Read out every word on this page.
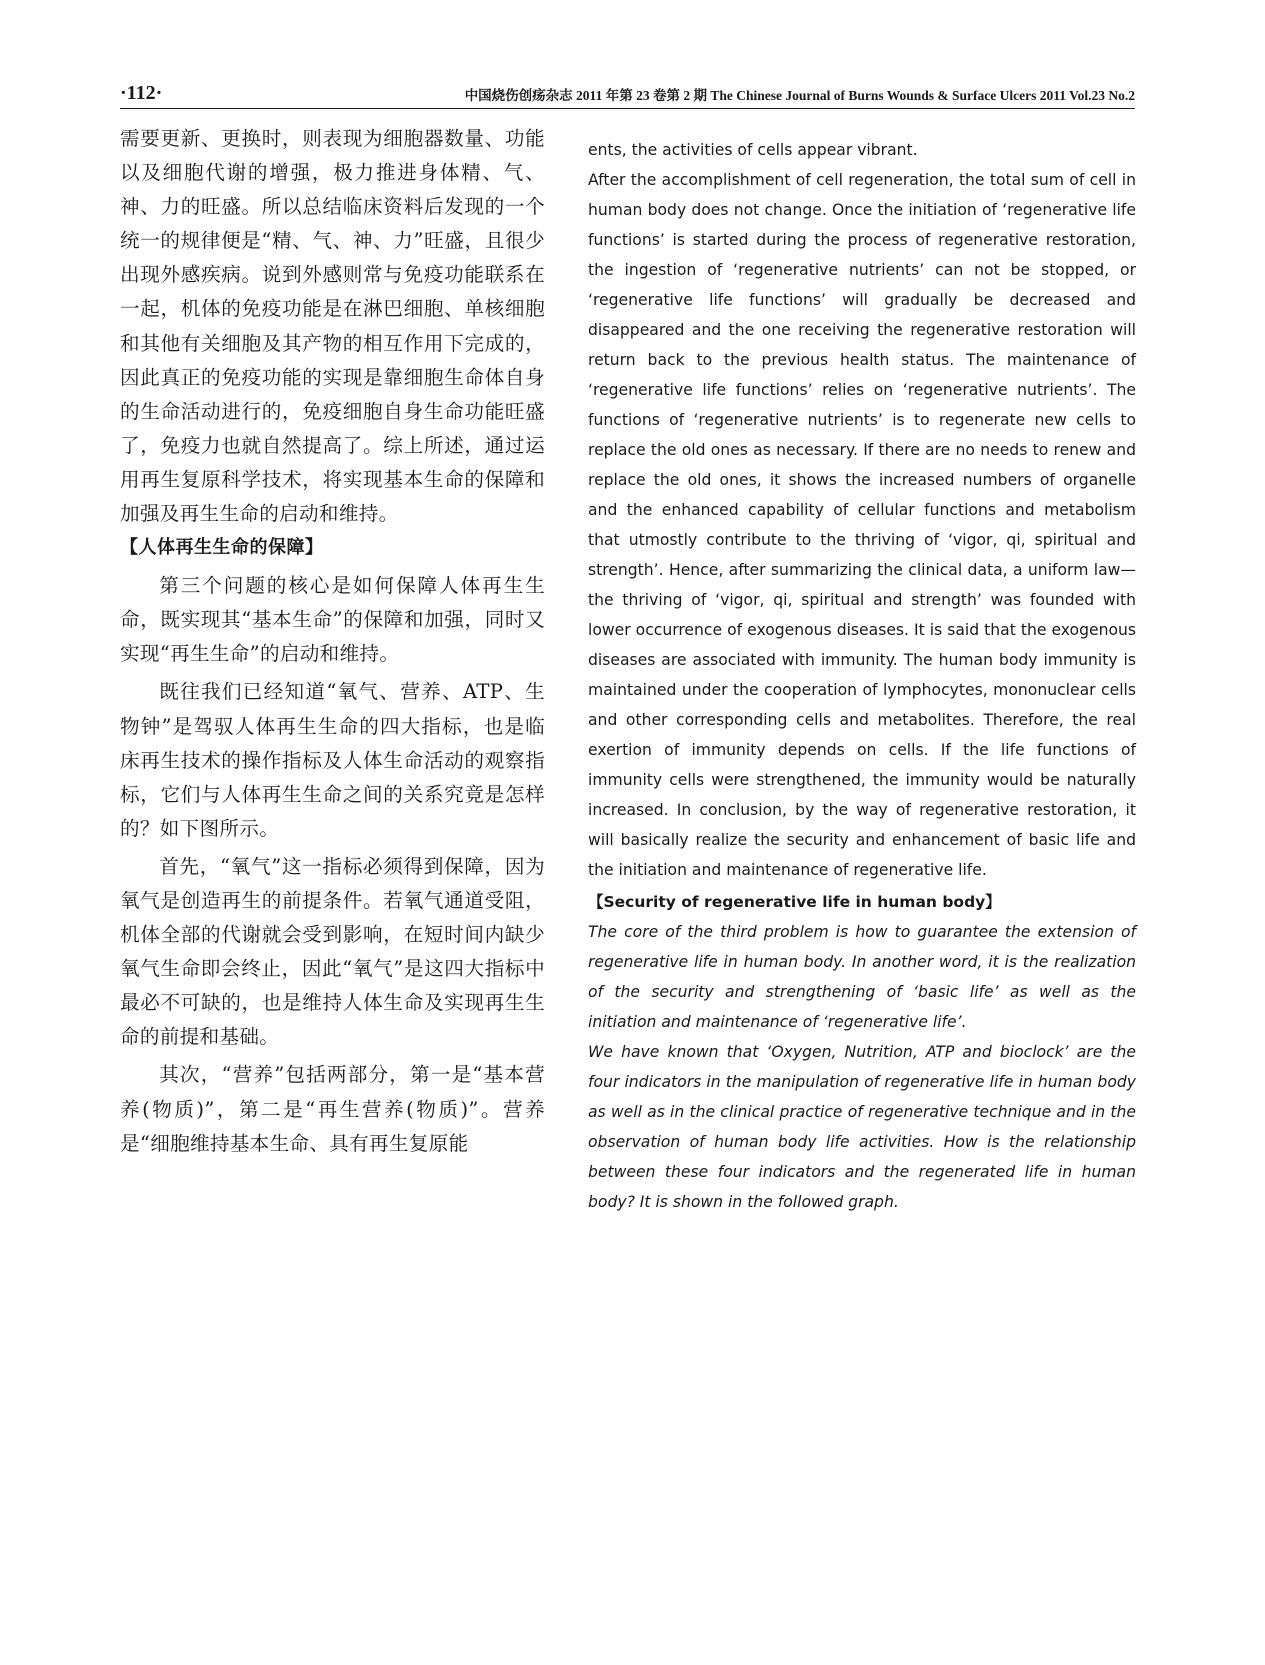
·112·	中国烧伤创疡杂志 2011 年第 23 卷第 2 期 The Chinese Journal of Burns Wounds & Surface Ulcers 2011 Vol.23 No.2

需要更新、更换时，则表现为细胞器数量、功能以及细胞代谢的增强，极力推进身体精、气、神、力的旺盛。所以总结临床资料后发现的一个统一的规律便是“精、气、神、力”旺盛，且很少出现外感疾病。说到外感则常与免疫功能联系在一起，机体的免疫功能是在淋巴细胞、单核细胞和其他有关细胞及其产物的相互作用下完成的，因此真正的免疫功能的实现是靠细胞生命体自身的生命活动进行的，免疫细胞自身生命功能旺盛了，免疫力也就自然提高了。综上所述，通过运用再生复原科学技术，将实现基本生命的保障和加强及再生生命的启动和维持。

【人体再生生命的保障】

第三个问题的核心是如何保障人体再生生命，既实现其“基本生命”的保障和加强，同时又实现“再生生命”的启动和维持。

既往我们已经知道“氧气、营养、ATP、生物钟”是驾驭人体再生生命的四大指标，也是临床再生技术的操作指标及人体生命活动的观察指标，它们与人体再生生命之间的关系究竟是怎样的？如下图所示。

首先，“氧气”这一指标必须得到保障，因为氧气是创造再生的前提条件。若氧气通道受阻，机体全部的代谢就会受到影响，在短时间内缺少氧气生命即会终止，因此“氧气”是这四大指标中最必不可缺的，也是维持人体生命及实现再生生命的前提和基础。

其次，“营养”包括两部分，第一是“基本营养(物质)”，第二是“再生营养(物质)”。营养是“细胞维持基本生命、具有再生复原能

ents, the activities of cells appear vibrant.

After the accomplishment of cell regeneration, the total sum of cell in human body does not change. Once the initiation of ‘regenerative life functions’ is started during the process of regenerative restoration, the ingestion of ‘regenerative nutrients’ can not be stopped, or ‘regenerative life functions’ will gradually be decreased and disappeared and the one receiving the regenerative restoration will return back to the previous health status. The maintenance of ‘regenerative life functions’ relies on ‘regenerative nutrients’. The functions of ‘regenerative nutrients’ is to regenerate new cells to replace the old ones as necessary. If there are no needs to renew and replace the old ones, it shows the increased numbers of organelle and the enhanced capability of cellular functions and metabolism that utmostly contribute to the thriving of ‘vigor, qi, spiritual and strength’. Hence, after summarizing the clinical data, a uniform law—the thriving of ‘vigor, qi, spiritual and strength’ was founded with lower occurrence of exogenous diseases. It is said that the exogenous diseases are associated with immunity. The human body immunity is maintained under the cooperation of lymphocytes, mononuclear cells and other corresponding cells and metabolites. Therefore, the real exertion of immunity depends on cells. If the life functions of immunity cells were strengthened, the immunity would be naturally increased. In conclusion, by the way of regenerative restoration, it will basically realize the security and enhancement of basic life and the initiation and maintenance of regenerative life.

【Security of regenerative life in human body】

The core of the third problem is how to guarantee the extension of regenerative life in human body. In another word, it is the realization of the security and strengthening of ‘basic life’ as well as the initiation and maintenance of ‘regenerative life’.

We have known that ‘Oxygen, Nutrition, ATP and bioclock’ are the four indicators in the manipulation of regenerative life in human body as well as in the clinical practice of regenerative technique and in the observation of human body life activities. How is the relationship between these four indicators and the regenerated life in human body? It is shown in the followed graph.
